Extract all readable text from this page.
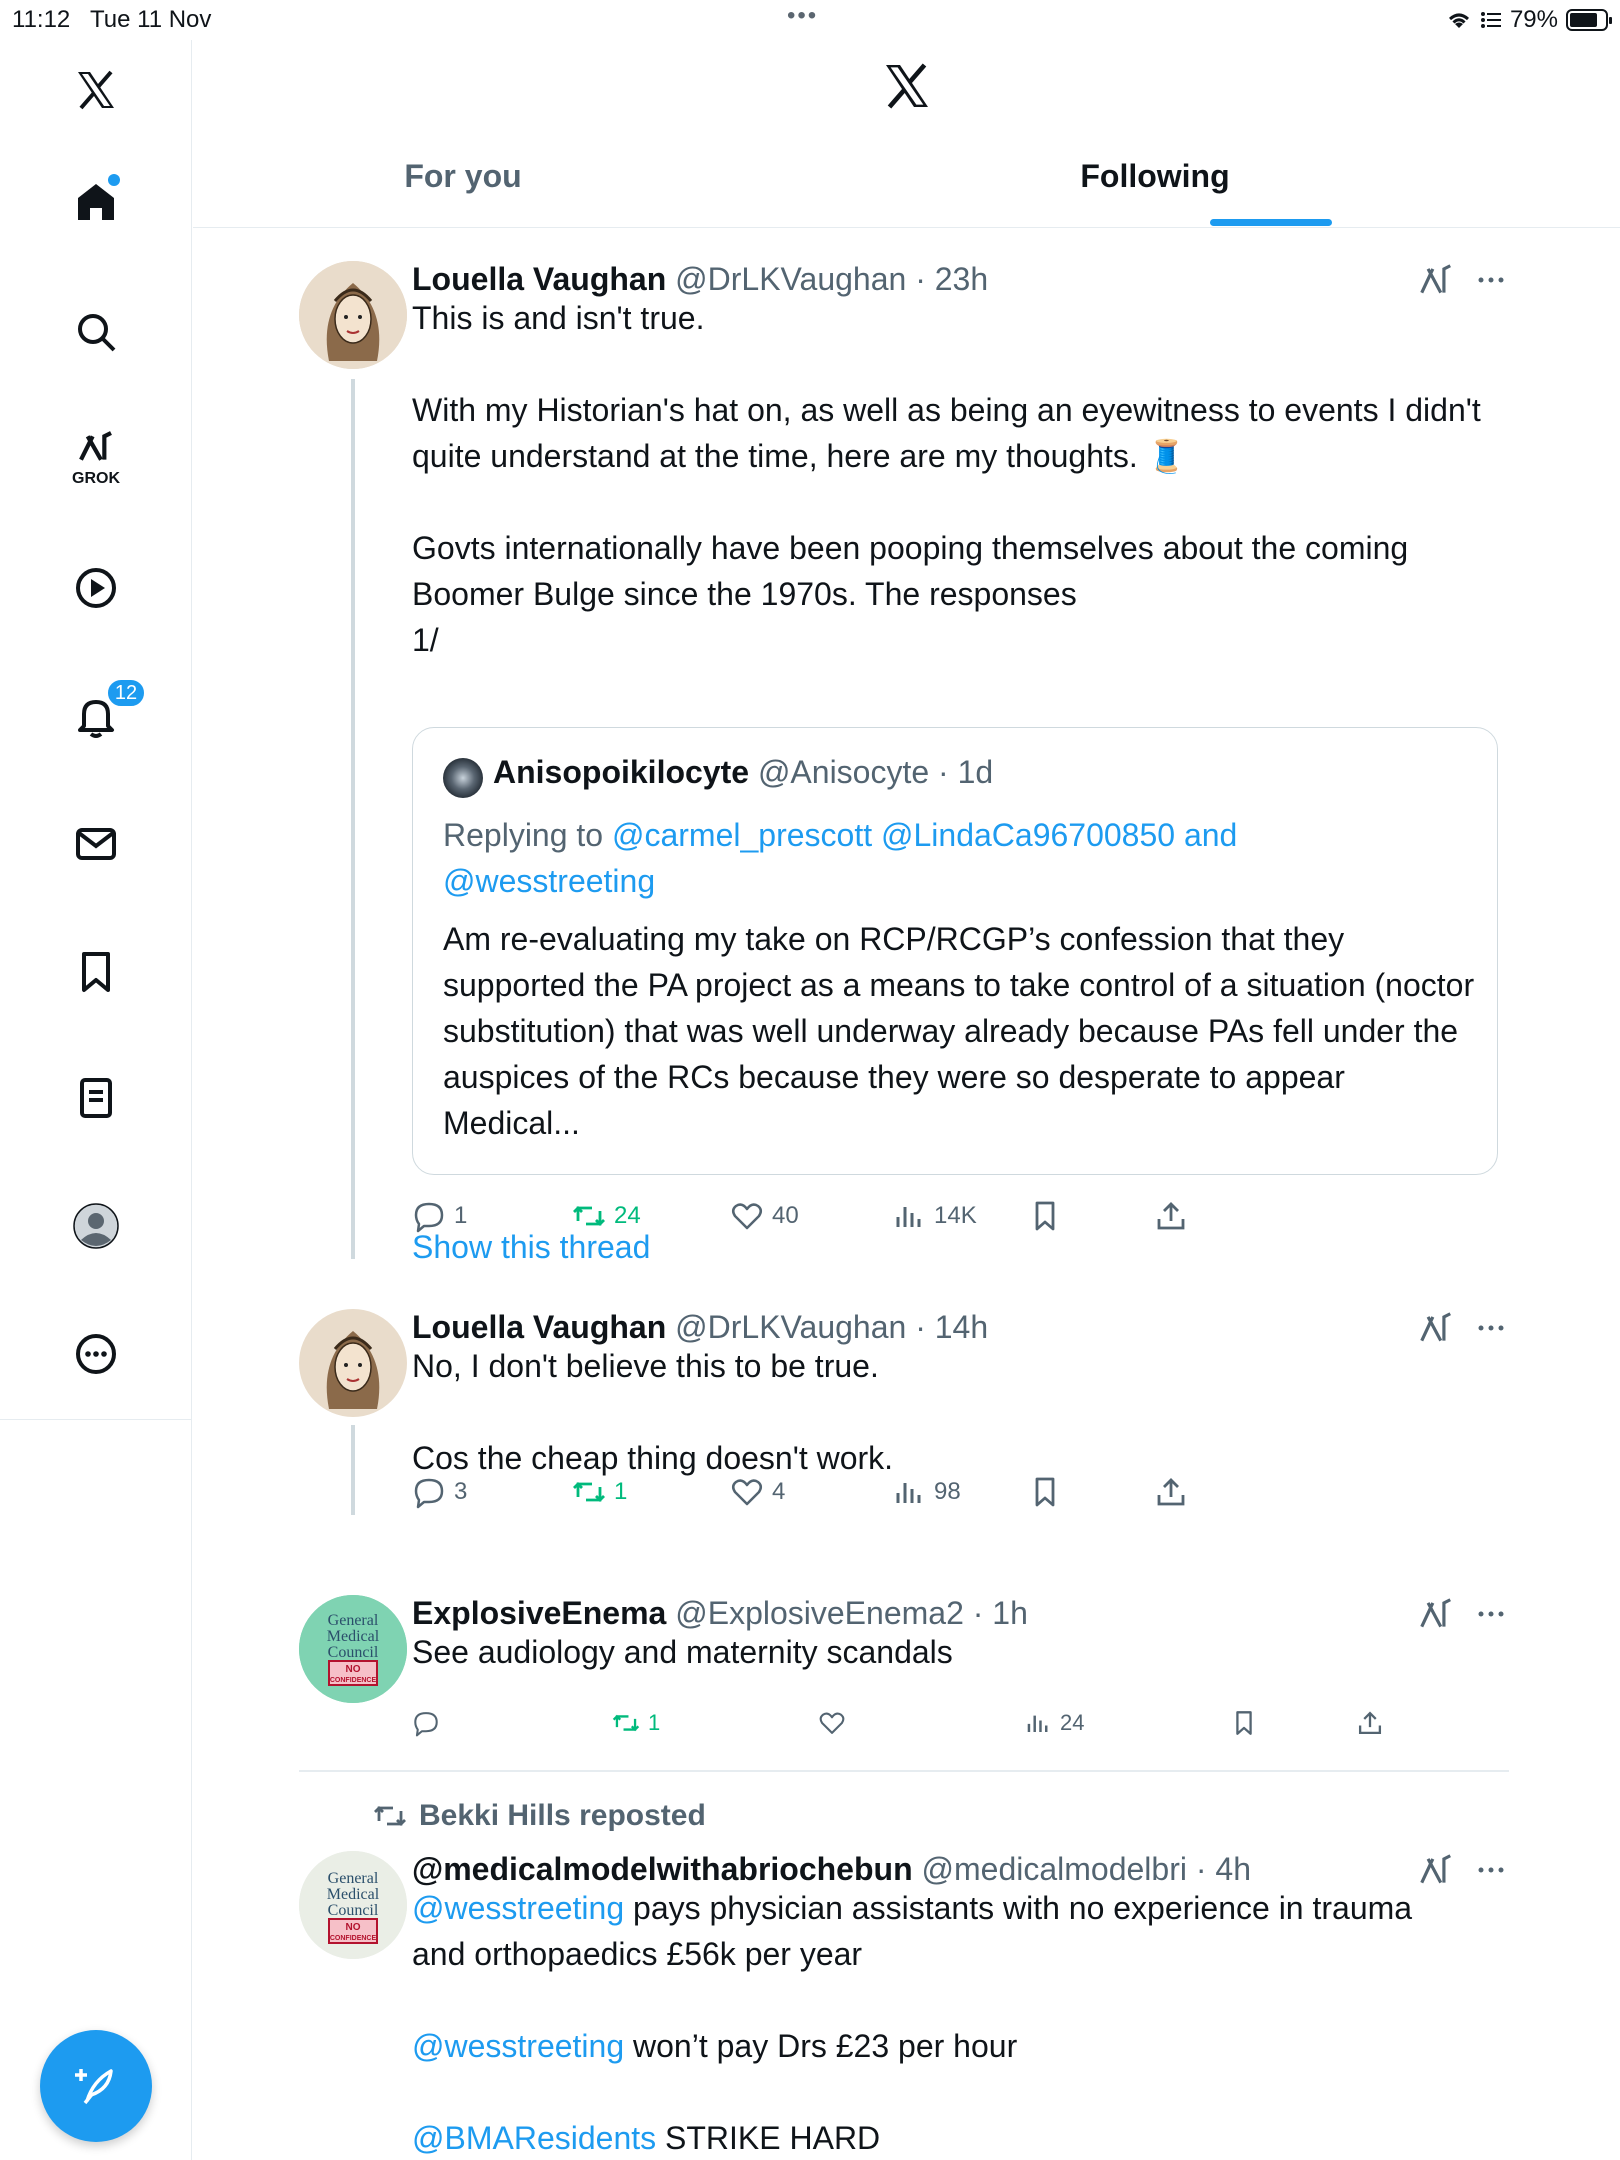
11:12 Tue 11 Nov	•••	79%
GROK
12
For you	Following
Louella Vaughan @DrLKVaughan · 23h
This is and isn't true.

With my Historian's hat on, as well as being an eyewitness to events I didn't quite understand at the time, here are my thoughts. 🧵

Govts internationally have been pooping themselves about the coming Boomer Bulge since the 1970s. The responses
1/
Anisopoikilocyte @Anisocyte · 1d
Replying to @carmel_prescott @LindaCa96700850 and
@wesstreeting
Am re-evaluating my take on RCP/RCGP’s confession that they supported the PA project as a means to take control of a situation (noctor substitution) that was well underway already because PAs fell under the auspices of the RCs because they were so desperate to appear Medical...
1	24	40	14K
Show this thread
Louella Vaughan @DrLKVaughan · 14h
No, I don't believe this to be true.

Cos the cheap thing doesn't work.
3	1	4	98
General
Medical
Council
NO
CONFIDENCE
ExplosiveEnema @ExplosiveEnema2 · 1h
See audiology and maternity scandals
1	24
Bekki Hills reposted
General
Medical
Council
NO
CONFIDENCE
@medicalmodelwithabriochebun @medicalmodelbri · 4h
@wesstreeting pays physician assistants with no experience in trauma
and orthopaedics £56k per year
@wesstreeting won’t pay Drs £23 per hour
@BMAResidents STRIKE HARD
